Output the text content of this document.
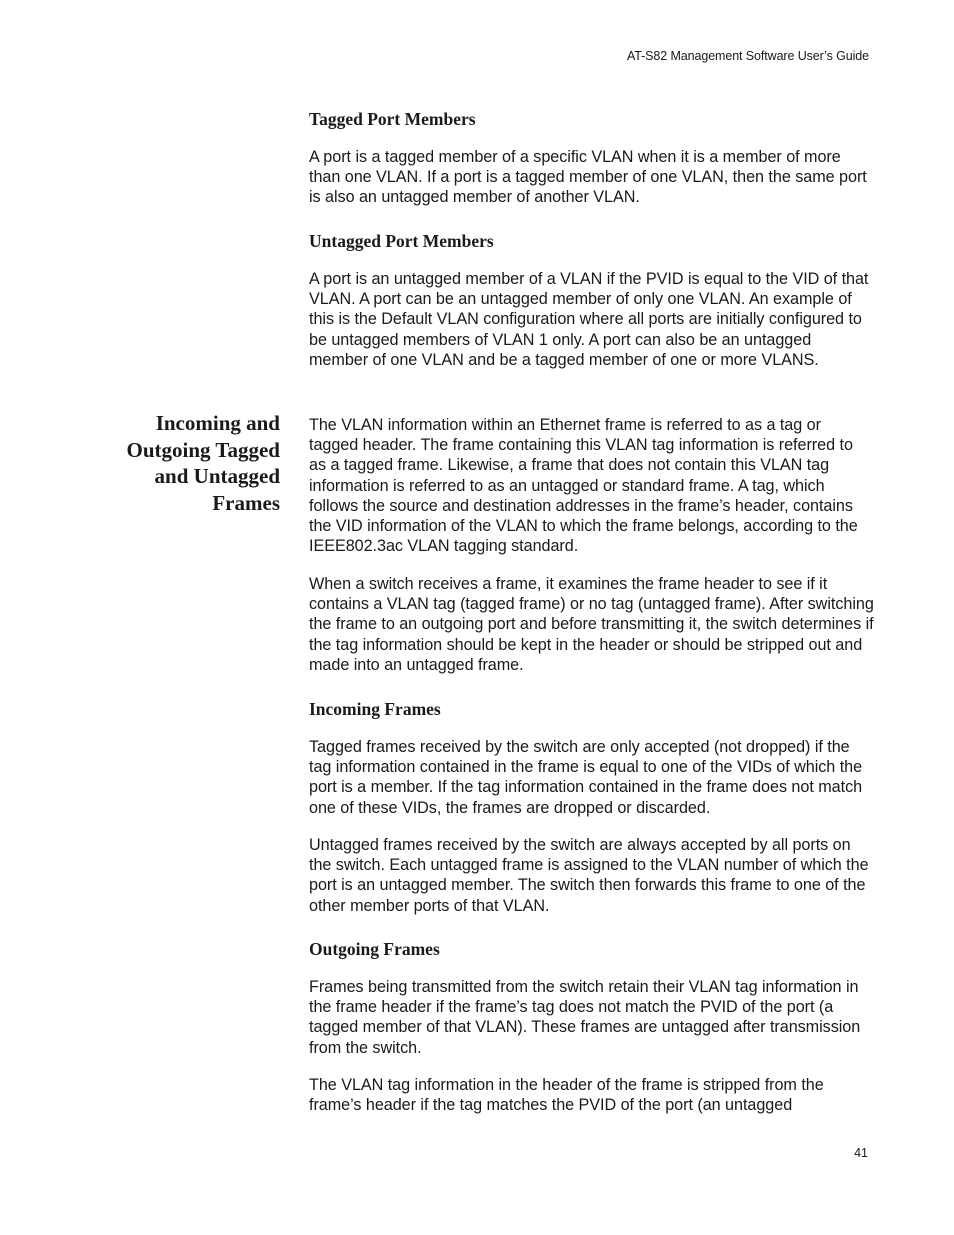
AT-S82 Management Software User’s Guide
Tagged Port Members

A port is a tagged member of a specific VLAN when it is a member of more than one VLAN. If a port is a tagged member of one VLAN, then the same port is also an untagged member of another VLAN.

Untagged Port Members

A port is an untagged member of a VLAN if the PVID is equal to the VID of that VLAN. A port can be an untagged member of only one VLAN. An example of this is the Default VLAN configuration where all ports are initially configured to be untagged members of VLAN 1 only. A port can also be an untagged member of one VLAN and be a tagged member of one or more VLANS.

Incoming and Outgoing Tagged and Untagged Frames

The VLAN information within an Ethernet frame is referred to as a tag or tagged header. The frame containing this VLAN tag information is referred to as a tagged frame. Likewise, a frame that does not contain this VLAN tag information is referred to as an untagged or standard frame. A tag, which follows the source and destination addresses in the frame’s header, contains the VID information of the VLAN to which the frame belongs, according to the IEEE802.3ac VLAN tagging standard.

When a switch receives a frame, it examines the frame header to see if it contains a VLAN tag (tagged frame) or no tag (untagged frame). After switching the frame to an outgoing port and before transmitting it, the switch determines if the tag information should be kept in the header or should be stripped out and made into an untagged frame.

Incoming Frames

Tagged frames received by the switch are only accepted (not dropped) if the tag information contained in the frame is equal to one of the VIDs of which the port is a member. If the tag information contained in the frame does not match one of these VIDs, the frames are dropped or discarded.

Untagged frames received by the switch are always accepted by all ports on the switch. Each untagged frame is assigned to the VLAN number of which the port is an untagged member. The switch then forwards this frame to one of the other member ports of that VLAN.

Outgoing Frames

Frames being transmitted from the switch retain their VLAN tag information in the frame header if the frame’s tag does not match the PVID of the port (a tagged member of that VLAN). These frames are untagged after transmission from the switch.

The VLAN tag information in the header of the frame is stripped from the frame’s header if the tag matches the PVID of the port (an untagged

41
